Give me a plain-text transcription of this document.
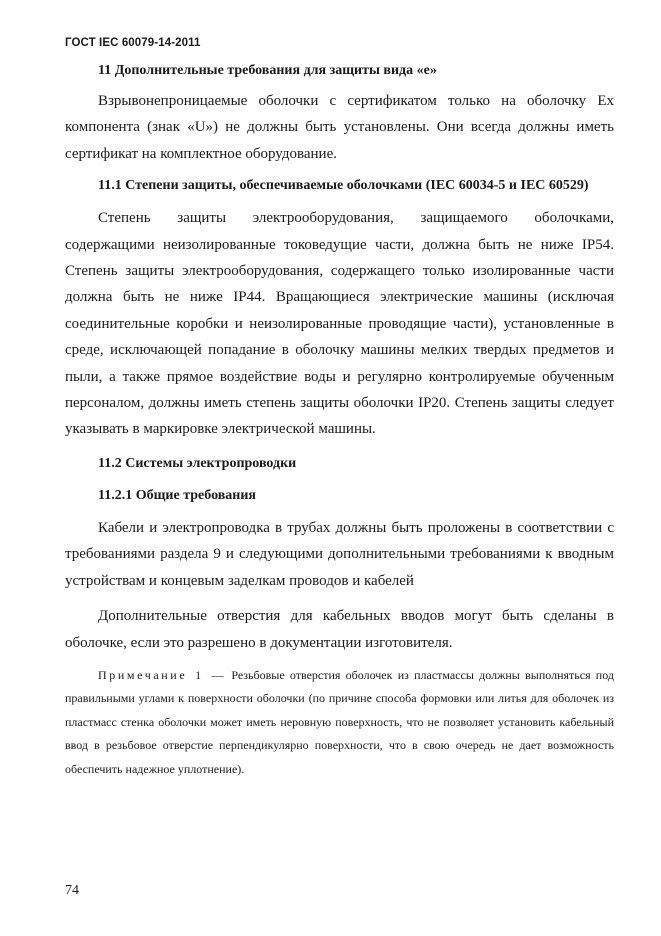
ГОСТ IEC 60079-14-2011

11 Дополнительные требования для защиты вида «е»

Взрывонепроницаемые оболочки с сертификатом только на оболочку Ex компонента (знак «U») не должны быть установлены. Они всегда должны иметь сертификат на комплектное оборудование.

11.1 Степени защиты, обеспечиваемые оболочками (IEC 60034-5 и IEC 60529)

Степень защиты электрооборудования, защищаемого оболочками, содержащими неизолированные токоведущие части, должна быть не ниже IP54. Степень защиты электрооборудования, содержащего только изолированные части должна быть не ниже IP44. Вращающиеся электрические машины (исключая соединительные коробки и неизолированные проводящие части), установленные в среде, исключающей попадание в оболочку машины мелких твердых предметов и пыли, а также прямое воздействие воды и регулярно контролируемые обученным персоналом, должны иметь степень защиты оболочки IP20. Степень защиты следует указывать в маркировке электрической машины.

11.2 Системы электропроводки

11.2.1 Общие требования

Кабели и электропроводка в трубах должны быть проложены в соответствии с требованиями раздела 9 и следующими дополнительными требованиями к вводным устройствам и концевым заделкам проводов и кабелей

Дополнительные отверстия для кабельных вводов могут быть сделаны в оболочке, если это разрешено в документации изготовителя.

Примечание 1 — Резьбовые отверстия оболочек из пластмассы должны выполняться под правильными углами к поверхности оболочки (по причине способа формовки или литья для оболочек из пластмасс стенка оболочки может иметь неровную поверхность, что не позволяет установить кабельный ввод в резьбовое отверстие перпендикулярно поверхности, что в свою очередь не дает возможность обеспечить надежное уплотнение).

74
